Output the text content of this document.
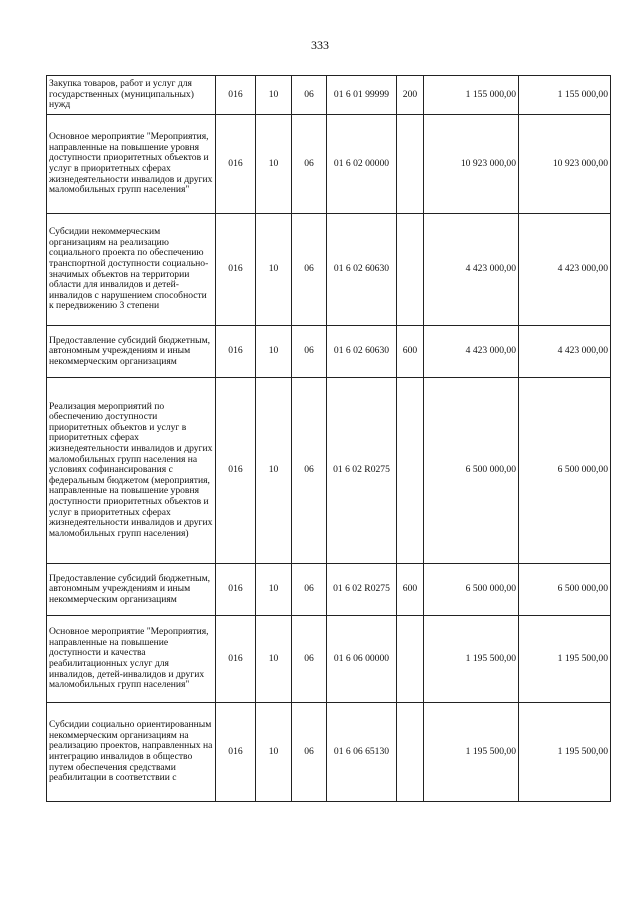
333
Закупка товаров, работ и услуг для государственных (муниципальных) нужд	016	10	06	01 6 01 99999	200	1 155 000,00	1 155 000,00
Основное мероприятие "Мероприятия, направленные на повышение уровня доступности приоритетных объектов и услуг в приоритетных сферах жизнедеятельности инвалидов и других маломобильных групп населения"	016	10	06	01 6 02 00000		10 923 000,00	10 923 000,00
Субсидии некоммерческим организациям на реализацию социального проекта по обеспечению транспортной доступности социально-значимых объектов на территории области для инвалидов и детей-инвалидов с нарушением способности к передвижению 3 степени	016	10	06	01 6 02 60630		4 423 000,00	4 423 000,00
Предоставление субсидий бюджетным, автономным учреждениям и иным некоммерческим организациям	016	10	06	01 6 02 60630	600	4 423 000,00	4 423 000,00
Реализация мероприятий по обеспечению доступности приоритетных объектов и услуг в приоритетных сферах жизнедеятельности инвалидов и других маломобильных групп населения на условиях софинансирования с федеральным бюджетом (мероприятия, направленные на повышение уровня доступности приоритетных объектов и услуг в приоритетных сферах жизнедеятельности инвалидов и других маломобильных групп населения)	016	10	06	01 6 02 R0275		6 500 000,00	6 500 000,00
Предоставление субсидий бюджетным, автономным учреждениям и иным некоммерческим организациям	016	10	06	01 6 02 R0275	600	6 500 000,00	6 500 000,00
Основное мероприятие "Мероприятия, направленные на повышение доступности и качества реабилитационных услуг для инвалидов, детей-инвалидов и других маломобильных групп населения"	016	10	06	01 6 06 00000		1 195 500,00	1 195 500,00
Субсидии социально ориентированным некоммерческим организациям на реализацию проектов, направленных на интеграцию инвалидов в общество путем обеспечения средствами реабилитации в соответствии с	016	10	06	01 6 06 65130		1 195 500,00	1 195 500,00
